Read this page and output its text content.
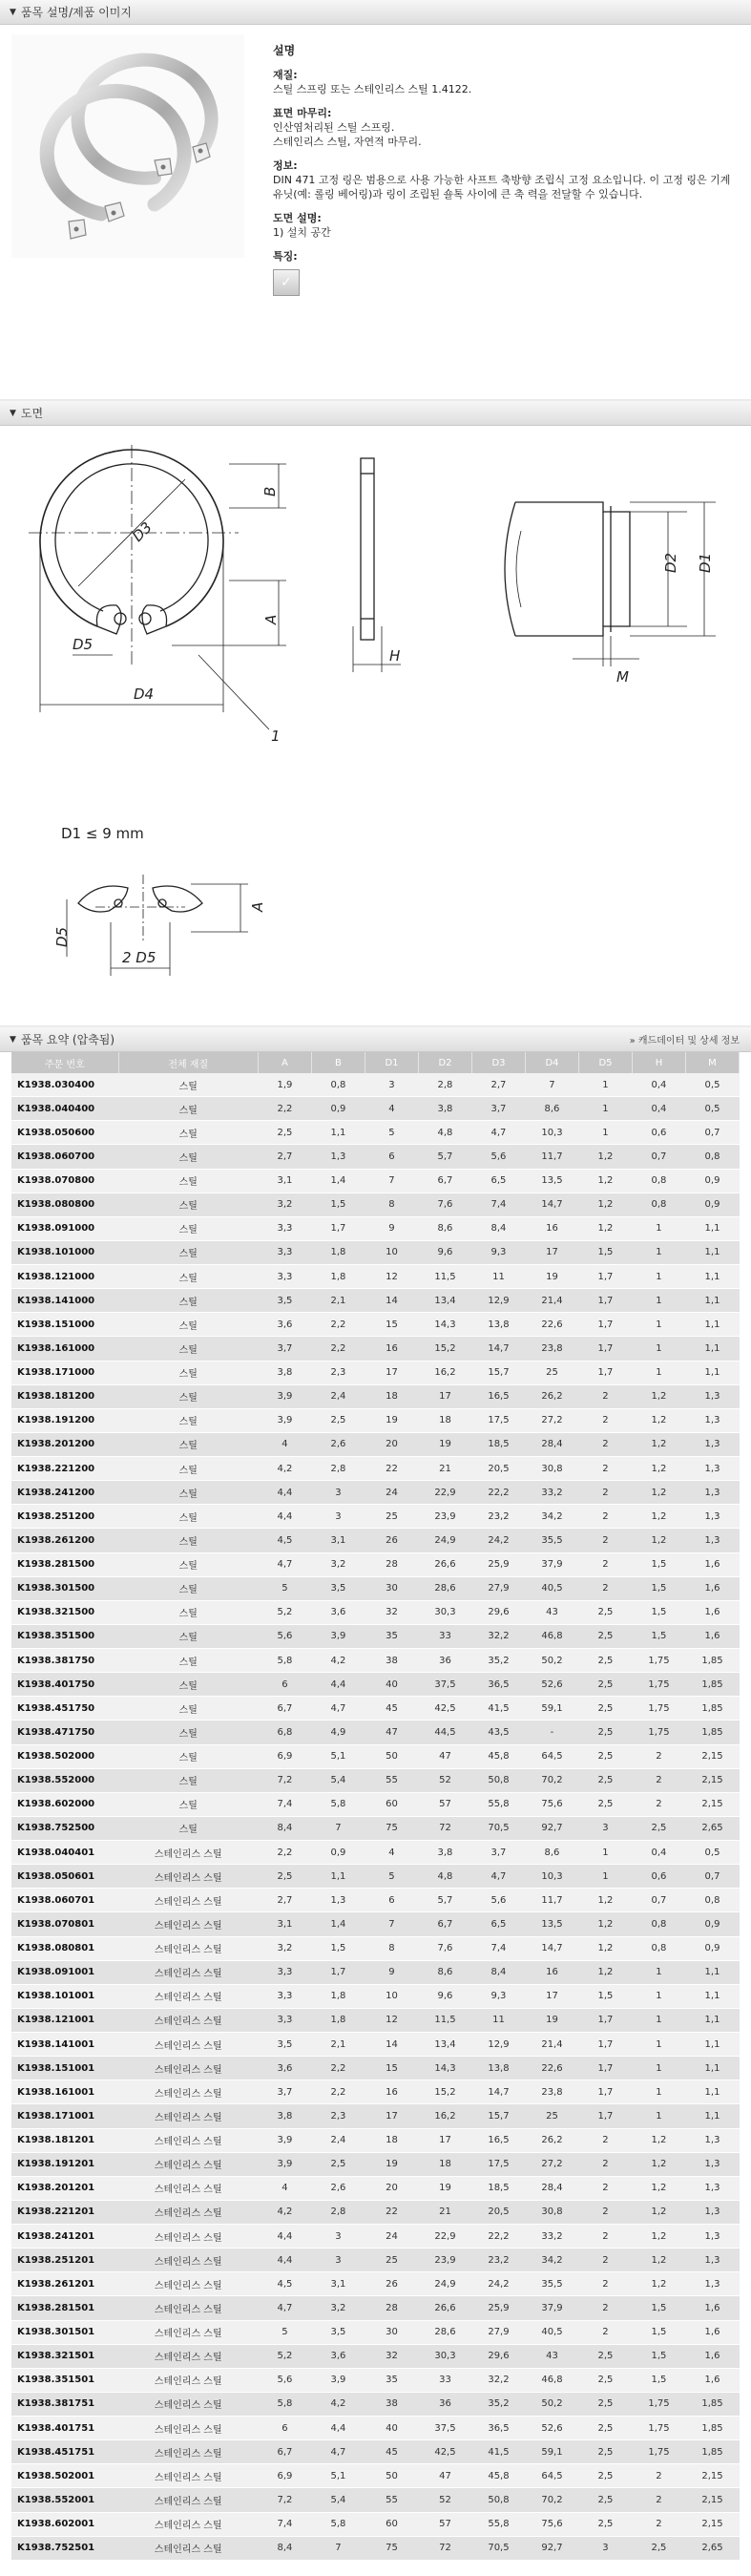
▼ 품목 설명/제품 이미지
설명
재질:
스틸 스프링 또는 스테인리스 스틸 1.4122.
표면 마무리:
인산염처리된 스틸 스프링.
스테인리스 스틸, 자연적 마무리.
정보:
DIN 471 고정 링은 범용으로 사용 가능한 사프트 축방향 조립식 고정 요소입니다. 이 고정 링은 기계 유닛(예: 롤링 베어링)과 링이 조립된 숄톡 사이에 큰 축 력을 전달할 수 있습니다.
도면 설명:
1) 설치 공간
특징:
✓
▼ 도면
D3
B
A
D5
D4
1
H
D2 D1
M
D1 ≤ 9 mm
A
D5
2 D5
▼ 품목 요약 (압축됨)	» 캐드데이터 및 상세 정보
주문 번호	전체 재질	A	B	D1	D2	D3	D4	D5	H	M
K1938.030400	스틸	1,9	0,8	3	2,8	2,7	7	1	0,4	0,5
K1938.040400	스틸	2,2	0,9	4	3,8	3,7	8,6	1	0,4	0,5
K1938.050600	스틸	2,5	1,1	5	4,8	4,7	10,3	1	0,6	0,7
K1938.060700	스틸	2,7	1,3	6	5,7	5,6	11,7	1,2	0,7	0,8
K1938.070800	스틸	3,1	1,4	7	6,7	6,5	13,5	1,2	0,8	0,9
K1938.080800	스틸	3,2	1,5	8	7,6	7,4	14,7	1,2	0,8	0,9
K1938.091000	스틸	3,3	1,7	9	8,6	8,4	16	1,2	1	1,1
K1938.101000	스틸	3,3	1,8	10	9,6	9,3	17	1,5	1	1,1
K1938.121000	스틸	3,3	1,8	12	11,5	11	19	1,7	1	1,1
K1938.141000	스틸	3,5	2,1	14	13,4	12,9	21,4	1,7	1	1,1
K1938.151000	스틸	3,6	2,2	15	14,3	13,8	22,6	1,7	1	1,1
K1938.161000	스틸	3,7	2,2	16	15,2	14,7	23,8	1,7	1	1,1
K1938.171000	스틸	3,8	2,3	17	16,2	15,7	25	1,7	1	1,1
K1938.181200	스틸	3,9	2,4	18	17	16,5	26,2	2	1,2	1,3
K1938.191200	스틸	3,9	2,5	19	18	17,5	27,2	2	1,2	1,3
K1938.201200	스틸	4	2,6	20	19	18,5	28,4	2	1,2	1,3
K1938.221200	스틸	4,2	2,8	22	21	20,5	30,8	2	1,2	1,3
K1938.241200	스틸	4,4	3	24	22,9	22,2	33,2	2	1,2	1,3
K1938.251200	스틸	4,4	3	25	23,9	23,2	34,2	2	1,2	1,3
K1938.261200	스틸	4,5	3,1	26	24,9	24,2	35,5	2	1,2	1,3
K1938.281500	스틸	4,7	3,2	28	26,6	25,9	37,9	2	1,5	1,6
K1938.301500	스틸	5	3,5	30	28,6	27,9	40,5	2	1,5	1,6
K1938.321500	스틸	5,2	3,6	32	30,3	29,6	43	2,5	1,5	1,6
K1938.351500	스틸	5,6	3,9	35	33	32,2	46,8	2,5	1,5	1,6
K1938.381750	스틸	5,8	4,2	38	36	35,2	50,2	2,5	1,75	1,85
K1938.401750	스틸	6	4,4	40	37,5	36,5	52,6	2,5	1,75	1,85
K1938.451750	스틸	6,7	4,7	45	42,5	41,5	59,1	2,5	1,75	1,85
K1938.471750	스틸	6,8	4,9	47	44,5	43,5	-	2,5	1,75	1,85
K1938.502000	스틸	6,9	5,1	50	47	45,8	64,5	2,5	2	2,15
K1938.552000	스틸	7,2	5,4	55	52	50,8	70,2	2,5	2	2,15
K1938.602000	스틸	7,4	5,8	60	57	55,8	75,6	2,5	2	2,15
K1938.752500	스틸	8,4	7	75	72	70,5	92,7	3	2,5	2,65
K1938.040401	스테인리스 스틸	2,2	0,9	4	3,8	3,7	8,6	1	0,4	0,5
K1938.050601	스테인리스 스틸	2,5	1,1	5	4,8	4,7	10,3	1	0,6	0,7
K1938.060701	스테인리스 스틸	2,7	1,3	6	5,7	5,6	11,7	1,2	0,7	0,8
K1938.070801	스테인리스 스틸	3,1	1,4	7	6,7	6,5	13,5	1,2	0,8	0,9
K1938.080801	스테인리스 스틸	3,2	1,5	8	7,6	7,4	14,7	1,2	0,8	0,9
K1938.091001	스테인리스 스틸	3,3	1,7	9	8,6	8,4	16	1,2	1	1,1
K1938.101001	스테인리스 스틸	3,3	1,8	10	9,6	9,3	17	1,5	1	1,1
K1938.121001	스테인리스 스틸	3,3	1,8	12	11,5	11	19	1,7	1	1,1
K1938.141001	스테인리스 스틸	3,5	2,1	14	13,4	12,9	21,4	1,7	1	1,1
K1938.151001	스테인리스 스틸	3,6	2,2	15	14,3	13,8	22,6	1,7	1	1,1
K1938.161001	스테인리스 스틸	3,7	2,2	16	15,2	14,7	23,8	1,7	1	1,1
K1938.171001	스테인리스 스틸	3,8	2,3	17	16,2	15,7	25	1,7	1	1,1
K1938.181201	스테인리스 스틸	3,9	2,4	18	17	16,5	26,2	2	1,2	1,3
K1938.191201	스테인리스 스틸	3,9	2,5	19	18	17,5	27,2	2	1,2	1,3
K1938.201201	스테인리스 스틸	4	2,6	20	19	18,5	28,4	2	1,2	1,3
K1938.221201	스테인리스 스틸	4,2	2,8	22	21	20,5	30,8	2	1,2	1,3
K1938.241201	스테인리스 스틸	4,4	3	24	22,9	22,2	33,2	2	1,2	1,3
K1938.251201	스테인리스 스틸	4,4	3	25	23,9	23,2	34,2	2	1,2	1,3
K1938.261201	스테인리스 스틸	4,5	3,1	26	24,9	24,2	35,5	2	1,2	1,3
K1938.281501	스테인리스 스틸	4,7	3,2	28	26,6	25,9	37,9	2	1,5	1,6
K1938.301501	스테인리스 스틸	5	3,5	30	28,6	27,9	40,5	2	1,5	1,6
K1938.321501	스테인리스 스틸	5,2	3,6	32	30,3	29,6	43	2,5	1,5	1,6
K1938.351501	스테인리스 스틸	5,6	3,9	35	33	32,2	46,8	2,5	1,5	1,6
K1938.381751	스테인리스 스틸	5,8	4,2	38	36	35,2	50,2	2,5	1,75	1,85
K1938.401751	스테인리스 스틸	6	4,4	40	37,5	36,5	52,6	2,5	1,75	1,85
K1938.451751	스테인리스 스틸	6,7	4,7	45	42,5	41,5	59,1	2,5	1,75	1,85
K1938.502001	스테인리스 스틸	6,9	5,1	50	47	45,8	64,5	2,5	2	2,15
K1938.552001	스테인리스 스틸	7,2	5,4	55	52	50,8	70,2	2,5	2	2,15
K1938.602001	스테인리스 스틸	7,4	5,8	60	57	55,8	75,6	2,5	2	2,15
K1938.752501	스테인리스 스틸	8,4	7	75	72	70,5	92,7	3	2,5	2,65
